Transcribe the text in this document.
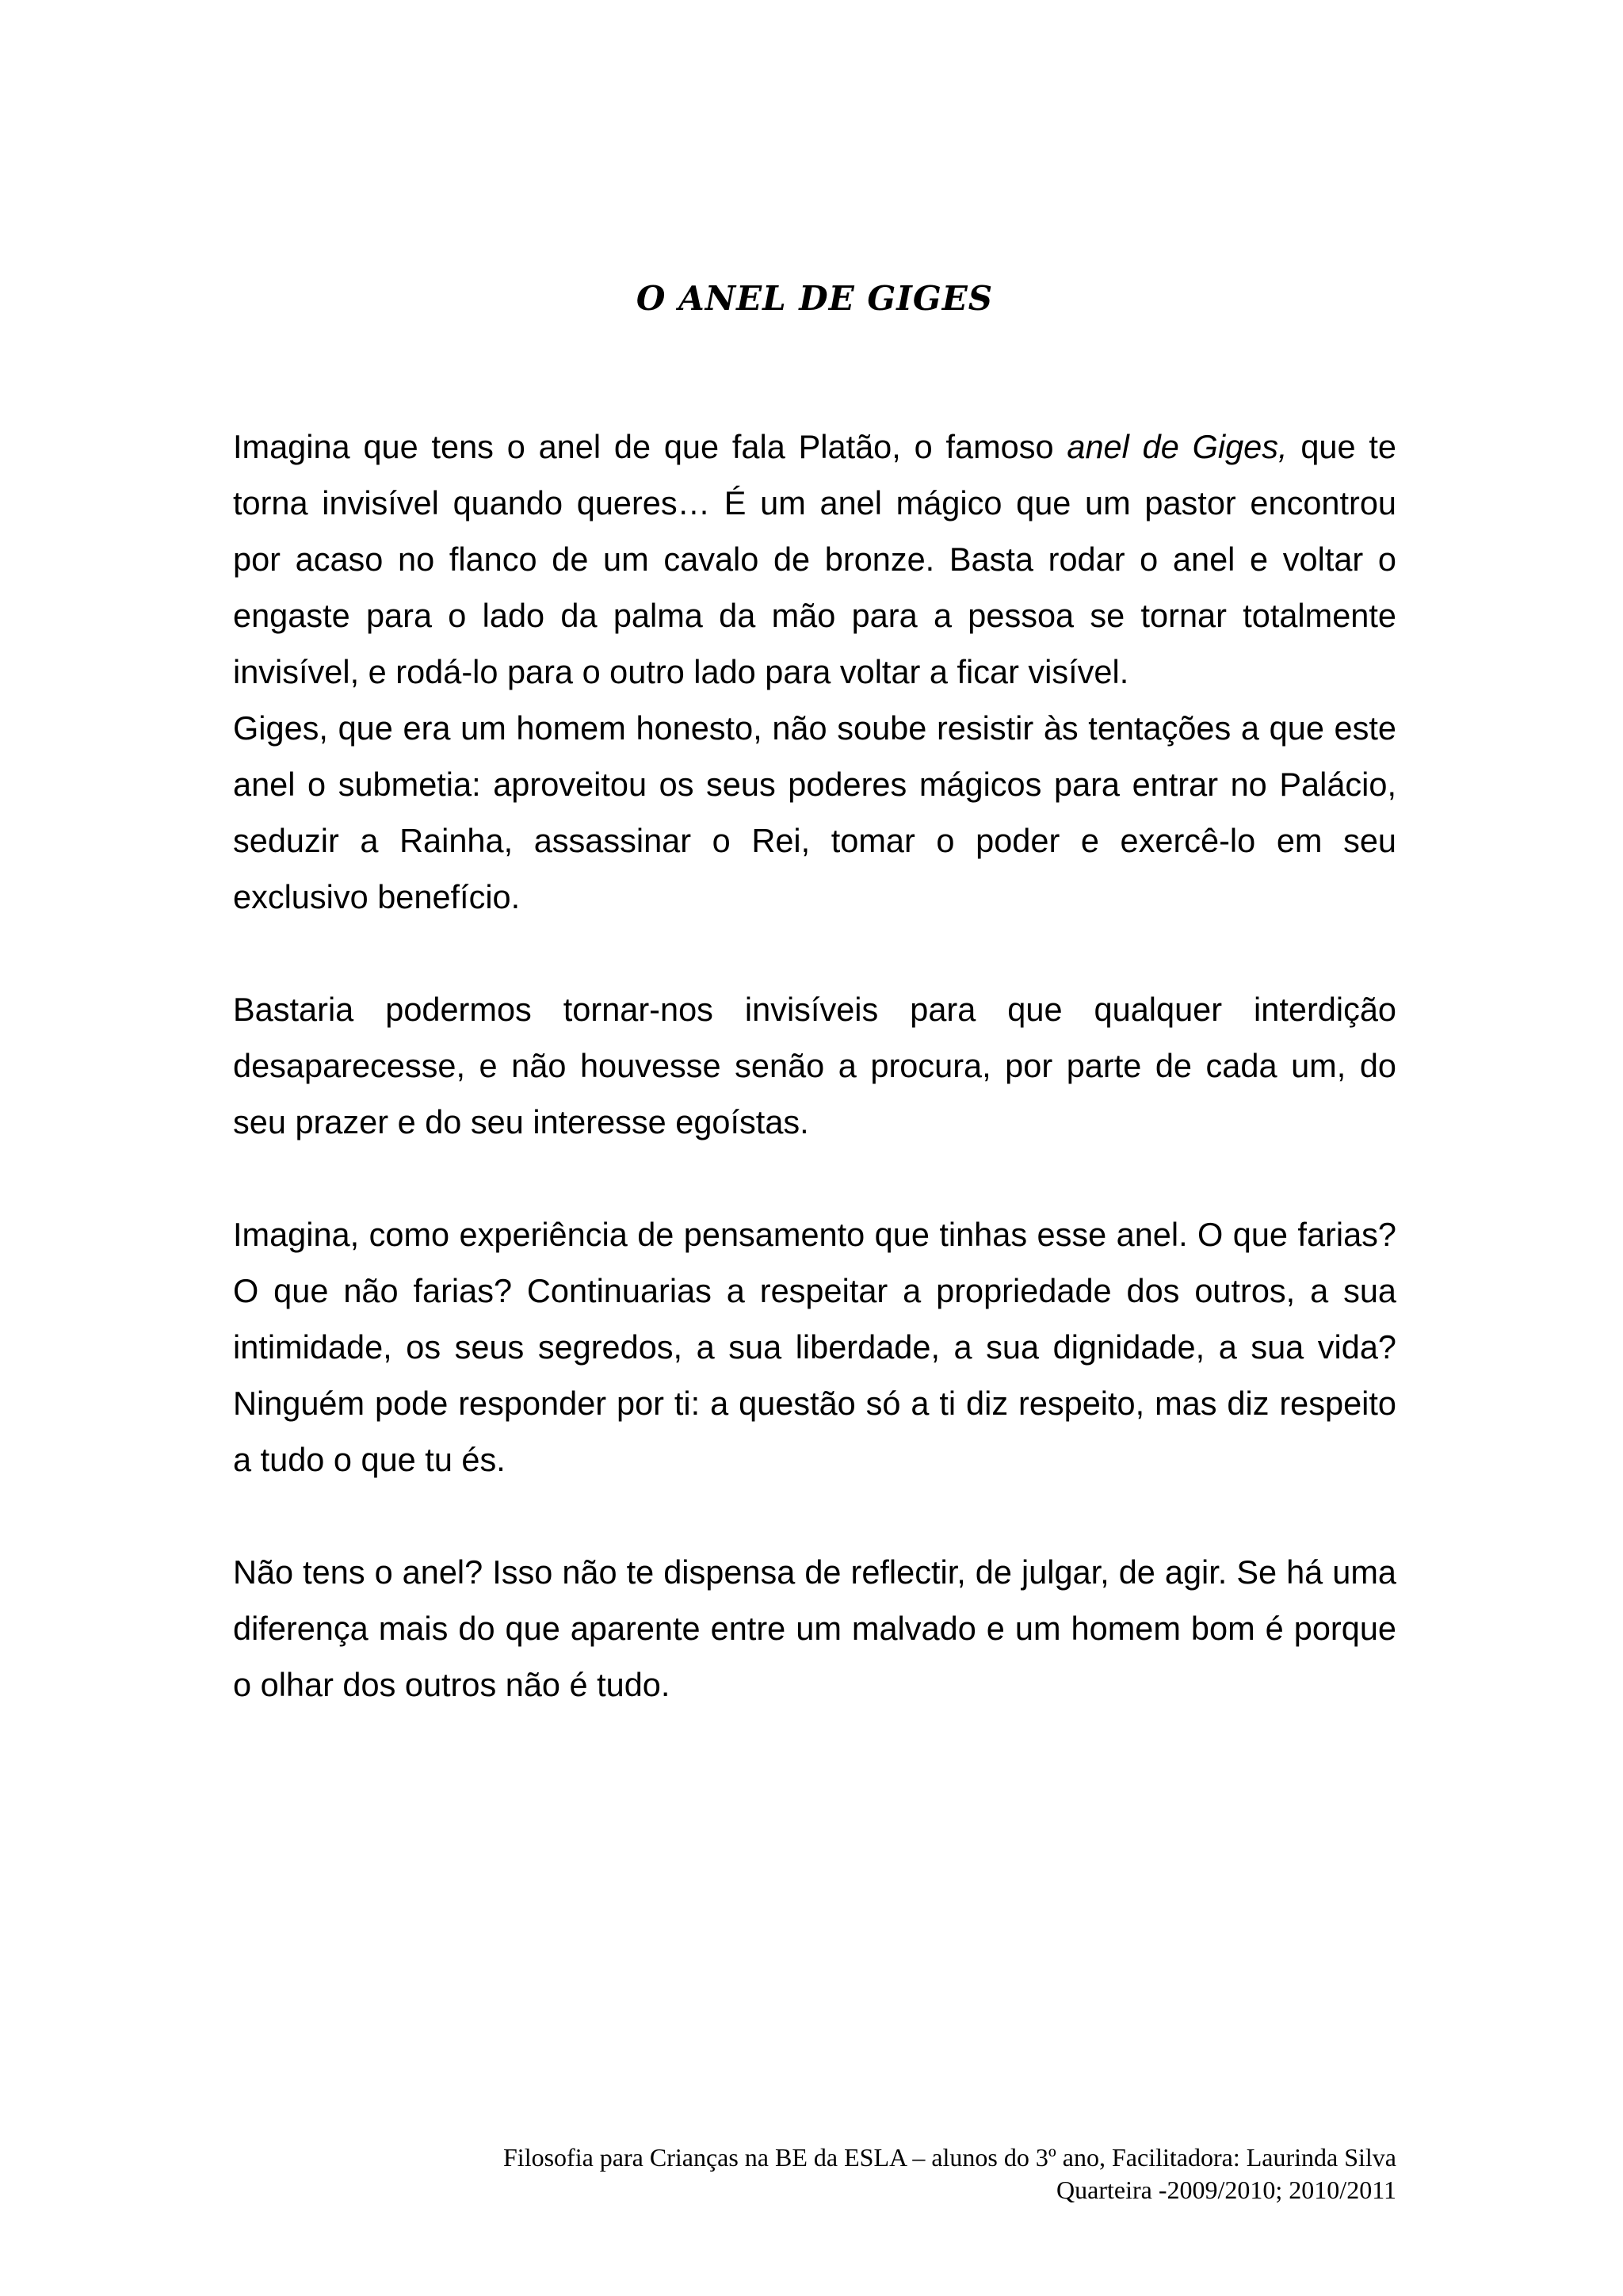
O ANEL DE GIGES

Imagina que tens o anel de que fala Platão, o famoso anel de Giges, que te torna invisível quando queres… É um anel mágico que um pastor encontrou por acaso no flanco de um cavalo de bronze. Basta rodar o anel e voltar o engaste para o lado da palma da mão para a pessoa se tornar totalmente invisível, e rodá-lo para o outro lado para voltar a ficar visível.

Giges, que era um homem honesto, não soube resistir às tentações a que este anel o submetia: aproveitou os seus poderes mágicos para entrar no Palácio, seduzir a Rainha, assassinar o Rei, tomar o poder e exercê-lo em seu exclusivo benefício.

Bastaria podermos tornar-nos invisíveis para que qualquer interdição desaparecesse, e não houvesse senão a procura, por parte de cada um, do seu prazer e do seu interesse egoístas.

Imagina, como experiência de pensamento que tinhas esse anel. O que farias? O que não farias? Continuarias a respeitar a propriedade dos outros, a sua intimidade, os seus segredos, a sua liberdade, a sua dignidade, a sua vida? Ninguém pode responder por ti: a questão só a ti diz respeito, mas diz respeito a tudo o que tu és.

Não tens o anel? Isso não te dispensa de reflectir, de julgar, de agir. Se há uma diferença mais do que aparente entre um malvado e um homem bom é porque o olhar dos outros não é tudo.

Filosofia para Crianças na BE da ESLA – alunos do 3º ano, Facilitadora: Laurinda Silva
Quarteira -2009/2010; 2010/2011
